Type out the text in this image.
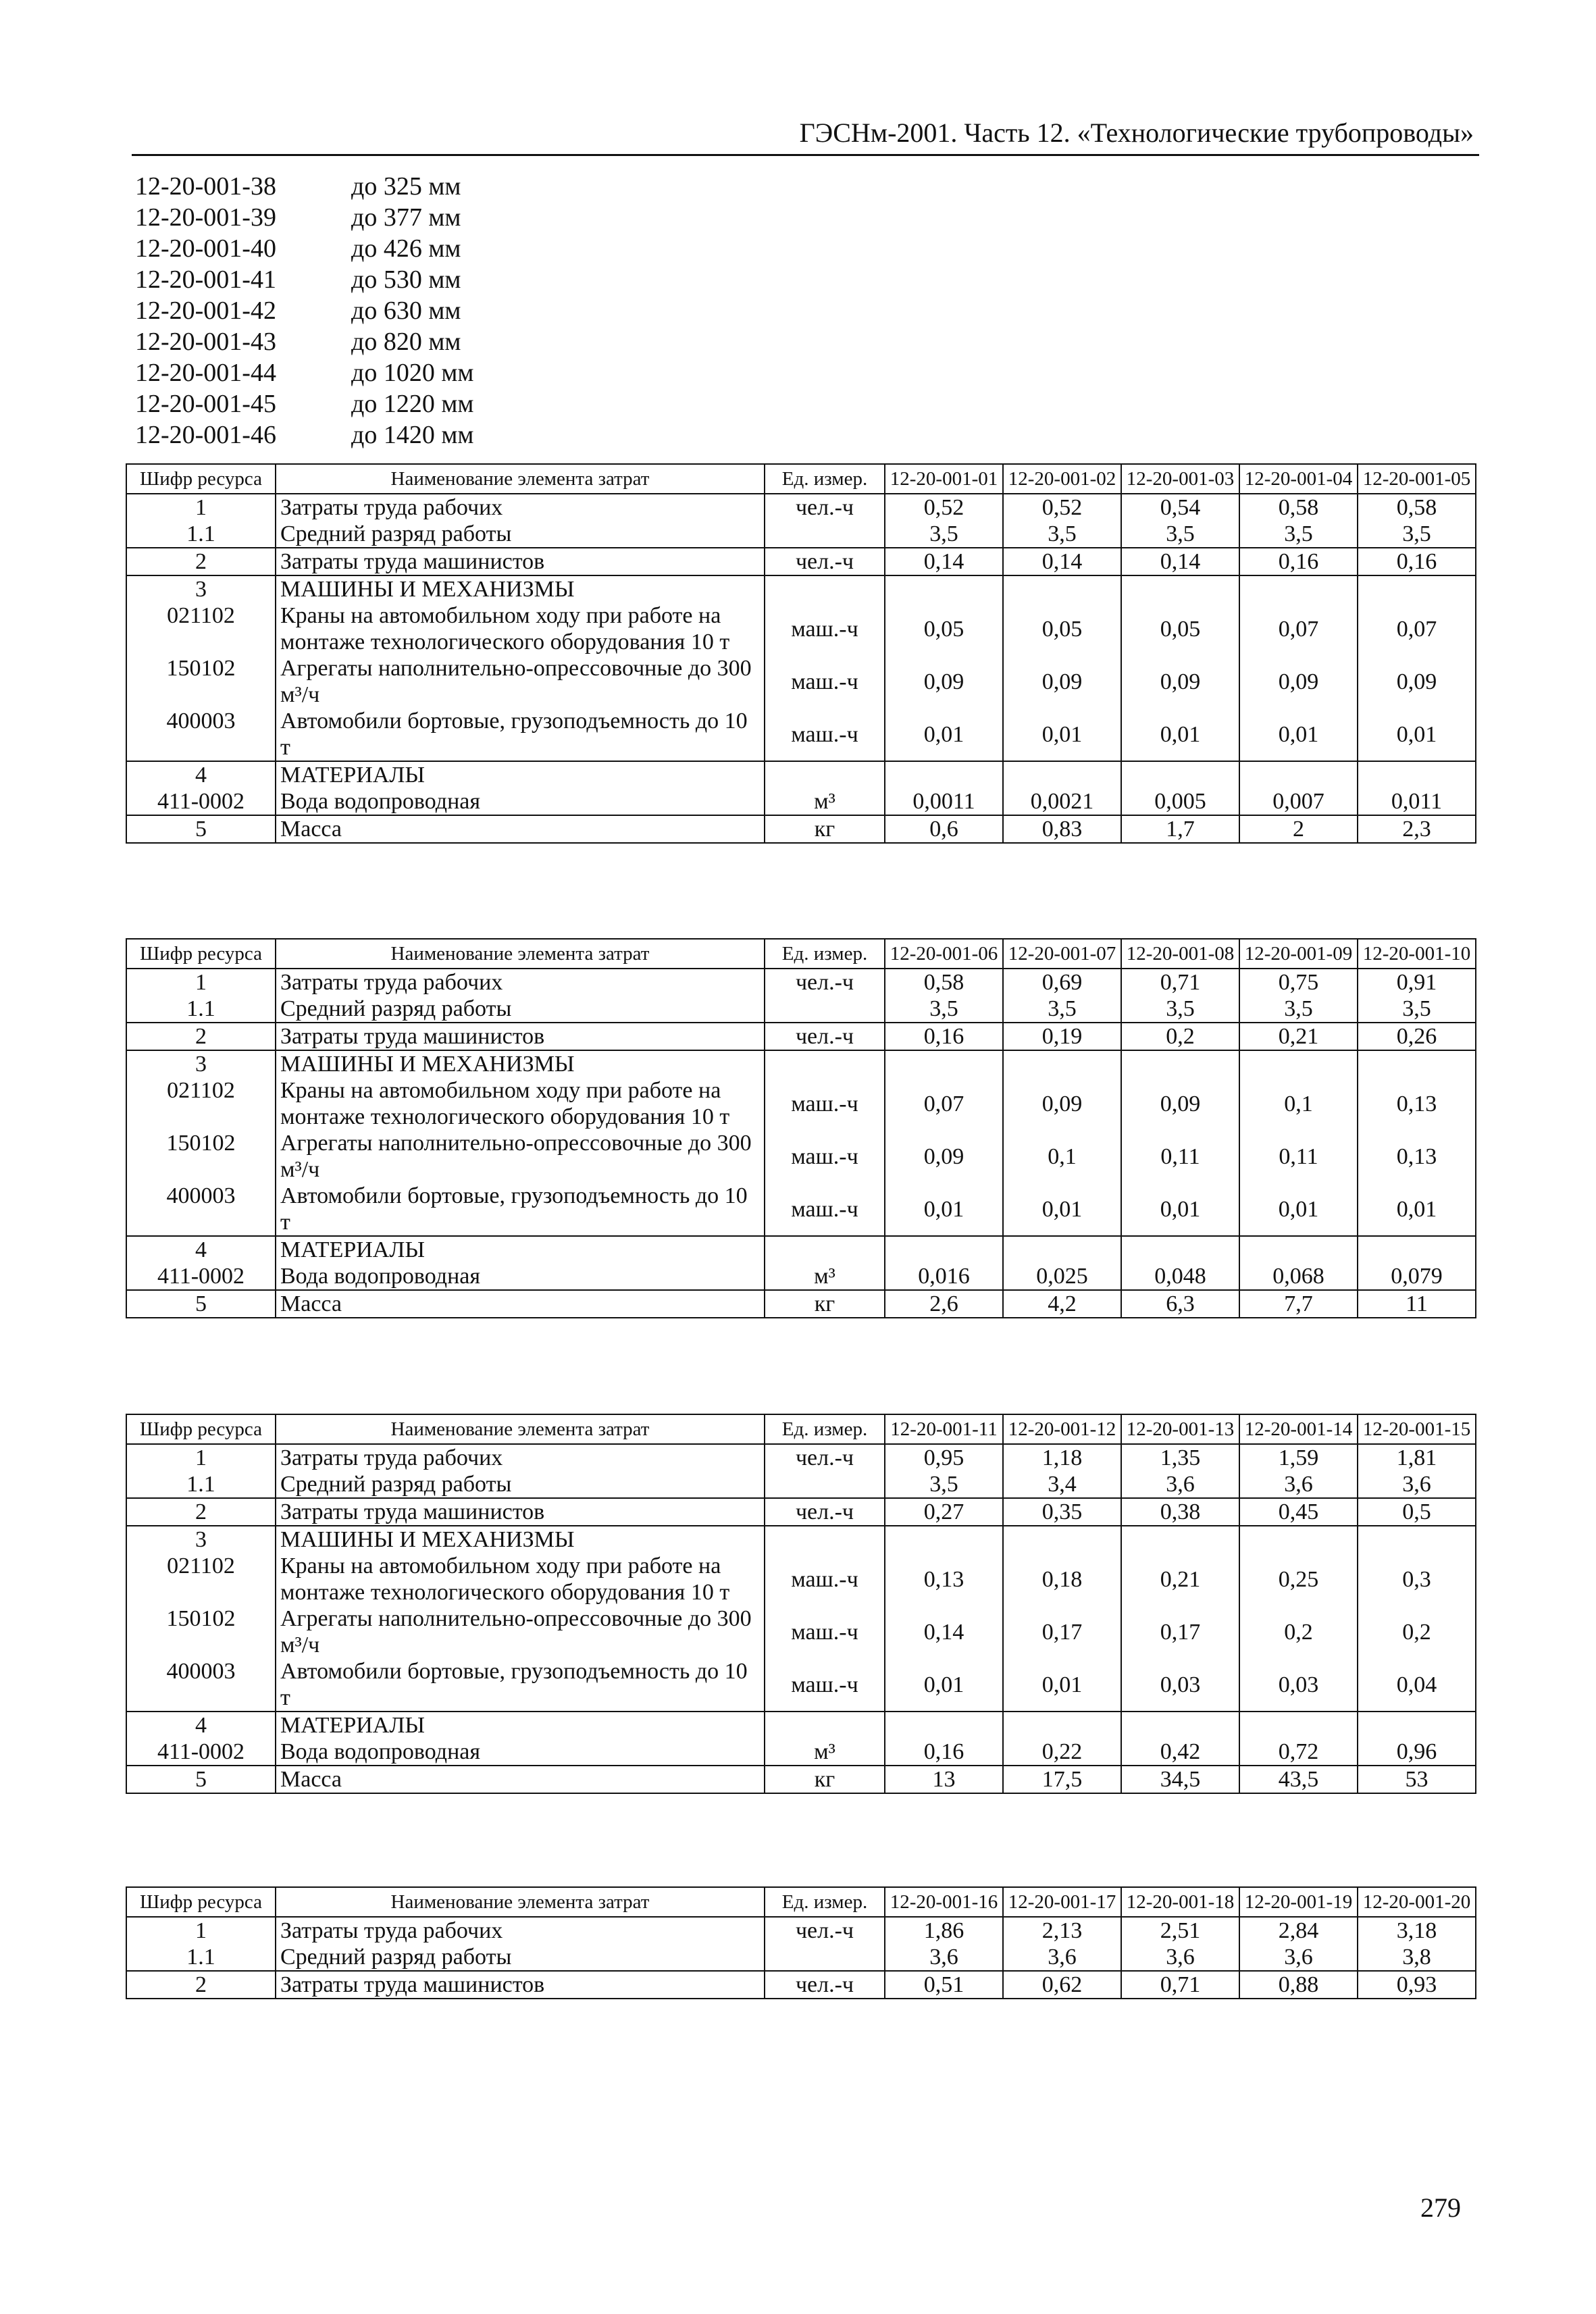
ГЭСНм-2001. Часть 12. «Технологические трубопроводы»
12-20-001-38	до 325 мм
12-20-001-39	до 377 мм
12-20-001-40	до 426 мм
12-20-001-41	до 530 мм
12-20-001-42	до 630 мм
12-20-001-43	до 820 мм
12-20-001-44	до 1020 мм
12-20-001-45	до 1220 мм
12-20-001-46	до 1420 мм
Шифр ресурса	Наименование элемента затрат	Ед. измер.	12-20-001-01	12-20-001-02	12-20-001-03	12-20-001-04	12-20-001-05
1	Затраты труда рабочих	чел.-ч	0,52	0,52	0,54	0,58	0,58
1.1	Средний разряд работы		3,5	3,5	3,5	3,5	3,5
2	Затраты труда машинистов	чел.-ч	0,14	0,14	0,14	0,16	0,16
3	МАШИНЫ И МЕХАНИЗМЫ						
021102	Краны на автомобильном ходу при работе на монтаже технологического оборудования 10 т	маш.-ч	0,05	0,05	0,05	0,07	0,07
150102	Агрегаты наполнительно-опрессовочные до 300 м³/ч	маш.-ч	0,09	0,09	0,09	0,09	0,09
400003	Автомобили бортовые, грузоподъемность до 10 т	маш.-ч	0,01	0,01	0,01	0,01	0,01
4	МАТЕРИАЛЫ						
411-0002	Вода водопроводная	м³	0,0011	0,0021	0,005	0,007	0,011
5	Масса	кг	0,6	0,83	1,7	2	2,3
Шифр ресурса	Наименование элемента затрат	Ед. измер.	12-20-001-06	12-20-001-07	12-20-001-08	12-20-001-09	12-20-001-10
1	Затраты труда рабочих	чел.-ч	0,58	0,69	0,71	0,75	0,91
1.1	Средний разряд работы		3,5	3,5	3,5	3,5	3,5
2	Затраты труда машинистов	чел.-ч	0,16	0,19	0,2	0,21	0,26
3	МАШИНЫ И МЕХАНИЗМЫ						
021102	Краны на автомобильном ходу при работе на монтаже технологического оборудования 10 т	маш.-ч	0,07	0,09	0,09	0,1	0,13
150102	Агрегаты наполнительно-опрессовочные до 300 м³/ч	маш.-ч	0,09	0,1	0,11	0,11	0,13
400003	Автомобили бортовые, грузоподъемность до 10 т	маш.-ч	0,01	0,01	0,01	0,01	0,01
4	МАТЕРИАЛЫ						
411-0002	Вода водопроводная	м³	0,016	0,025	0,048	0,068	0,079
5	Масса	кг	2,6	4,2	6,3	7,7	11
Шифр ресурса	Наименование элемента затрат	Ед. измер.	12-20-001-11	12-20-001-12	12-20-001-13	12-20-001-14	12-20-001-15
1	Затраты труда рабочих	чел.-ч	0,95	1,18	1,35	1,59	1,81
1.1	Средний разряд работы		3,5	3,4	3,6	3,6	3,6
2	Затраты труда машинистов	чел.-ч	0,27	0,35	0,38	0,45	0,5
3	МАШИНЫ И МЕХАНИЗМЫ						
021102	Краны на автомобильном ходу при работе на монтаже технологического оборудования 10 т	маш.-ч	0,13	0,18	0,21	0,25	0,3
150102	Агрегаты наполнительно-опрессовочные до 300 м³/ч	маш.-ч	0,14	0,17	0,17	0,2	0,2
400003	Автомобили бортовые, грузоподъемность до 10 т	маш.-ч	0,01	0,01	0,03	0,03	0,04
4	МАТЕРИАЛЫ						
411-0002	Вода водопроводная	м³	0,16	0,22	0,42	0,72	0,96
5	Масса	кг	13	17,5	34,5	43,5	53
Шифр ресурса	Наименование элемента затрат	Ед. измер.	12-20-001-16	12-20-001-17	12-20-001-18	12-20-001-19	12-20-001-20
1	Затраты труда рабочих	чел.-ч	1,86	2,13	2,51	2,84	3,18
1.1	Средний разряд работы		3,6	3,6	3,6	3,6	3,8
2	Затраты труда машинистов	чел.-ч	0,51	0,62	0,71	0,88	0,93
279
